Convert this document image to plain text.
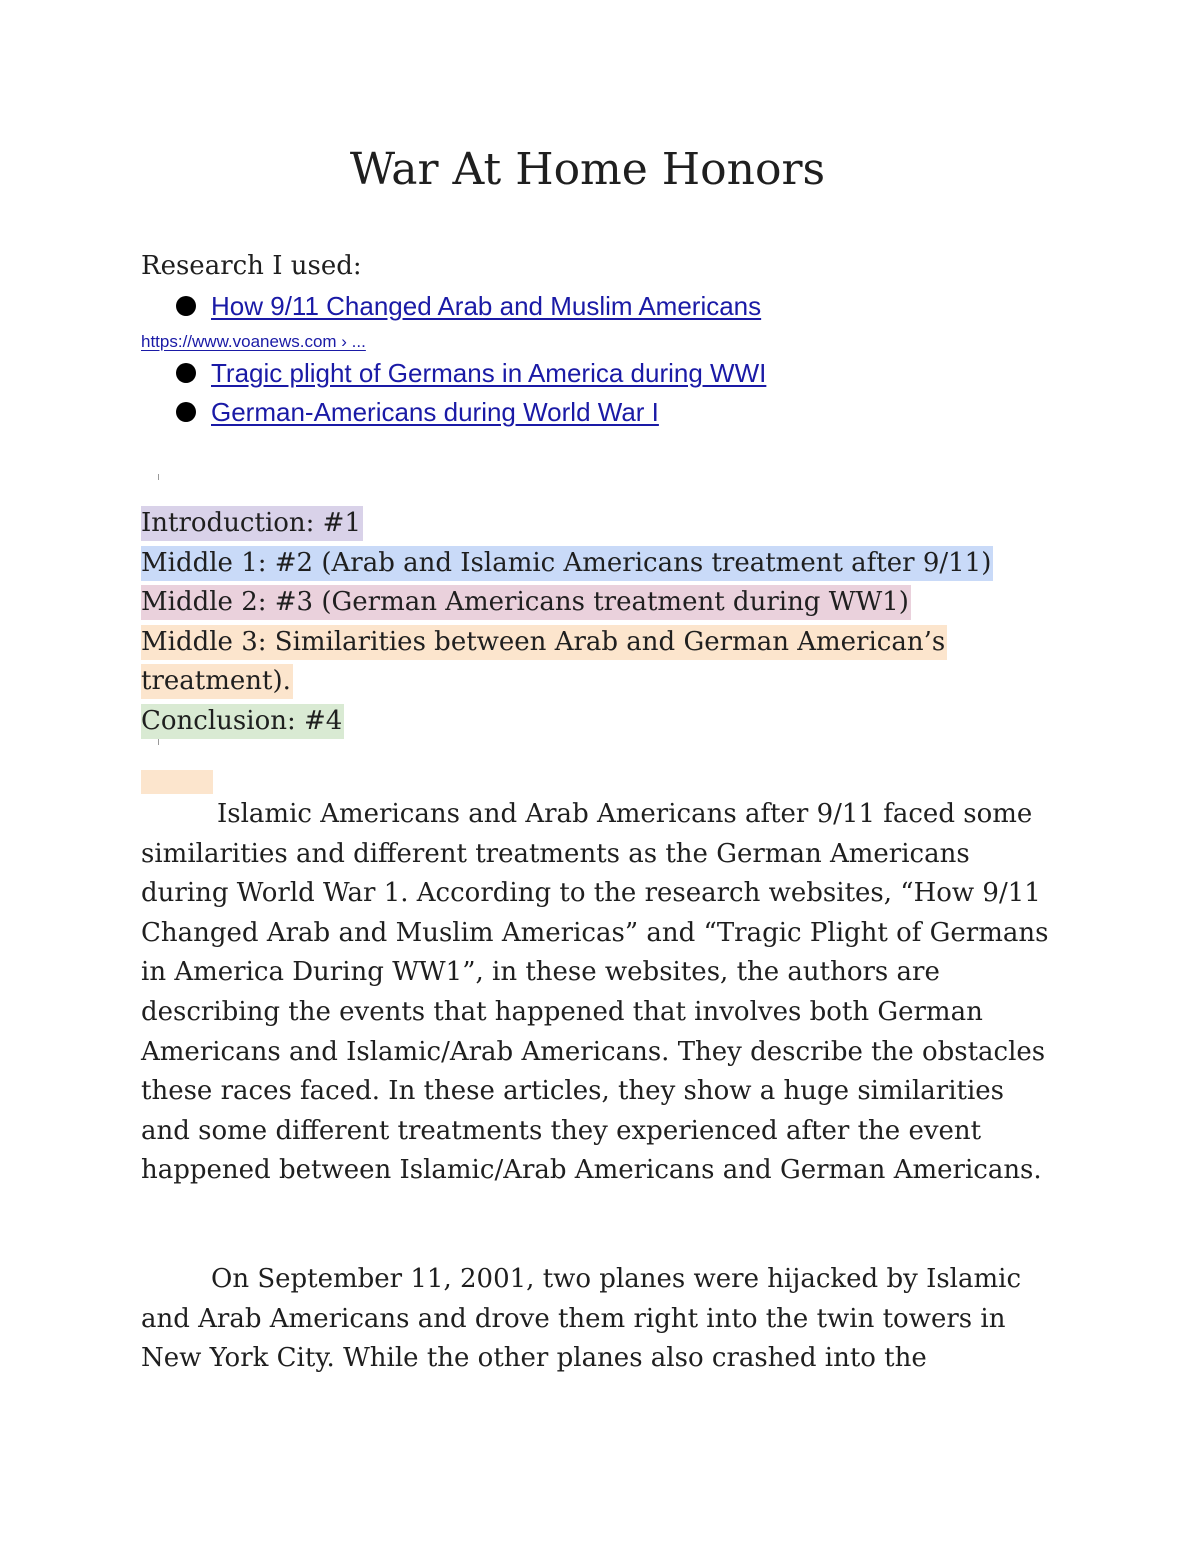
War At Home Honors
Research I used:
How 9/11 Changed Arab and Muslim Americans
Tragic plight of Germans in America during WWI
German-Americans during World War I
https://www.voanews.com › ...
Introduction: #1
Middle 1: #2 (Arab and Islamic Americans treatment after 9/11)
Middle 2: #3 (German Americans treatment during WW1)
Middle 3: Similarities between Arab and German American’s
treatment).
Conclusion: #4

Islamic Americans and Arab Americans after 9/11 faced some similarities and different treatments as the German Americans during World War 1. According to the research websites, “How 9/11 Changed Arab and Muslim Americas” and “Tragic Plight of Germans in America During WW1”, in these websites, the authors are describing the events that happened that involves both German Americans and Islamic/Arab Americans. They describe the obstacles these races faced. In these articles, they show a huge similarities and some different treatments they experienced after the event happened between Islamic/Arab Americans and German Americans.

On September 11, 2001, two planes were hijacked by Islamic and Arab Americans and drove them right into the twin towers in New York City. While the other planes also crashed into the
